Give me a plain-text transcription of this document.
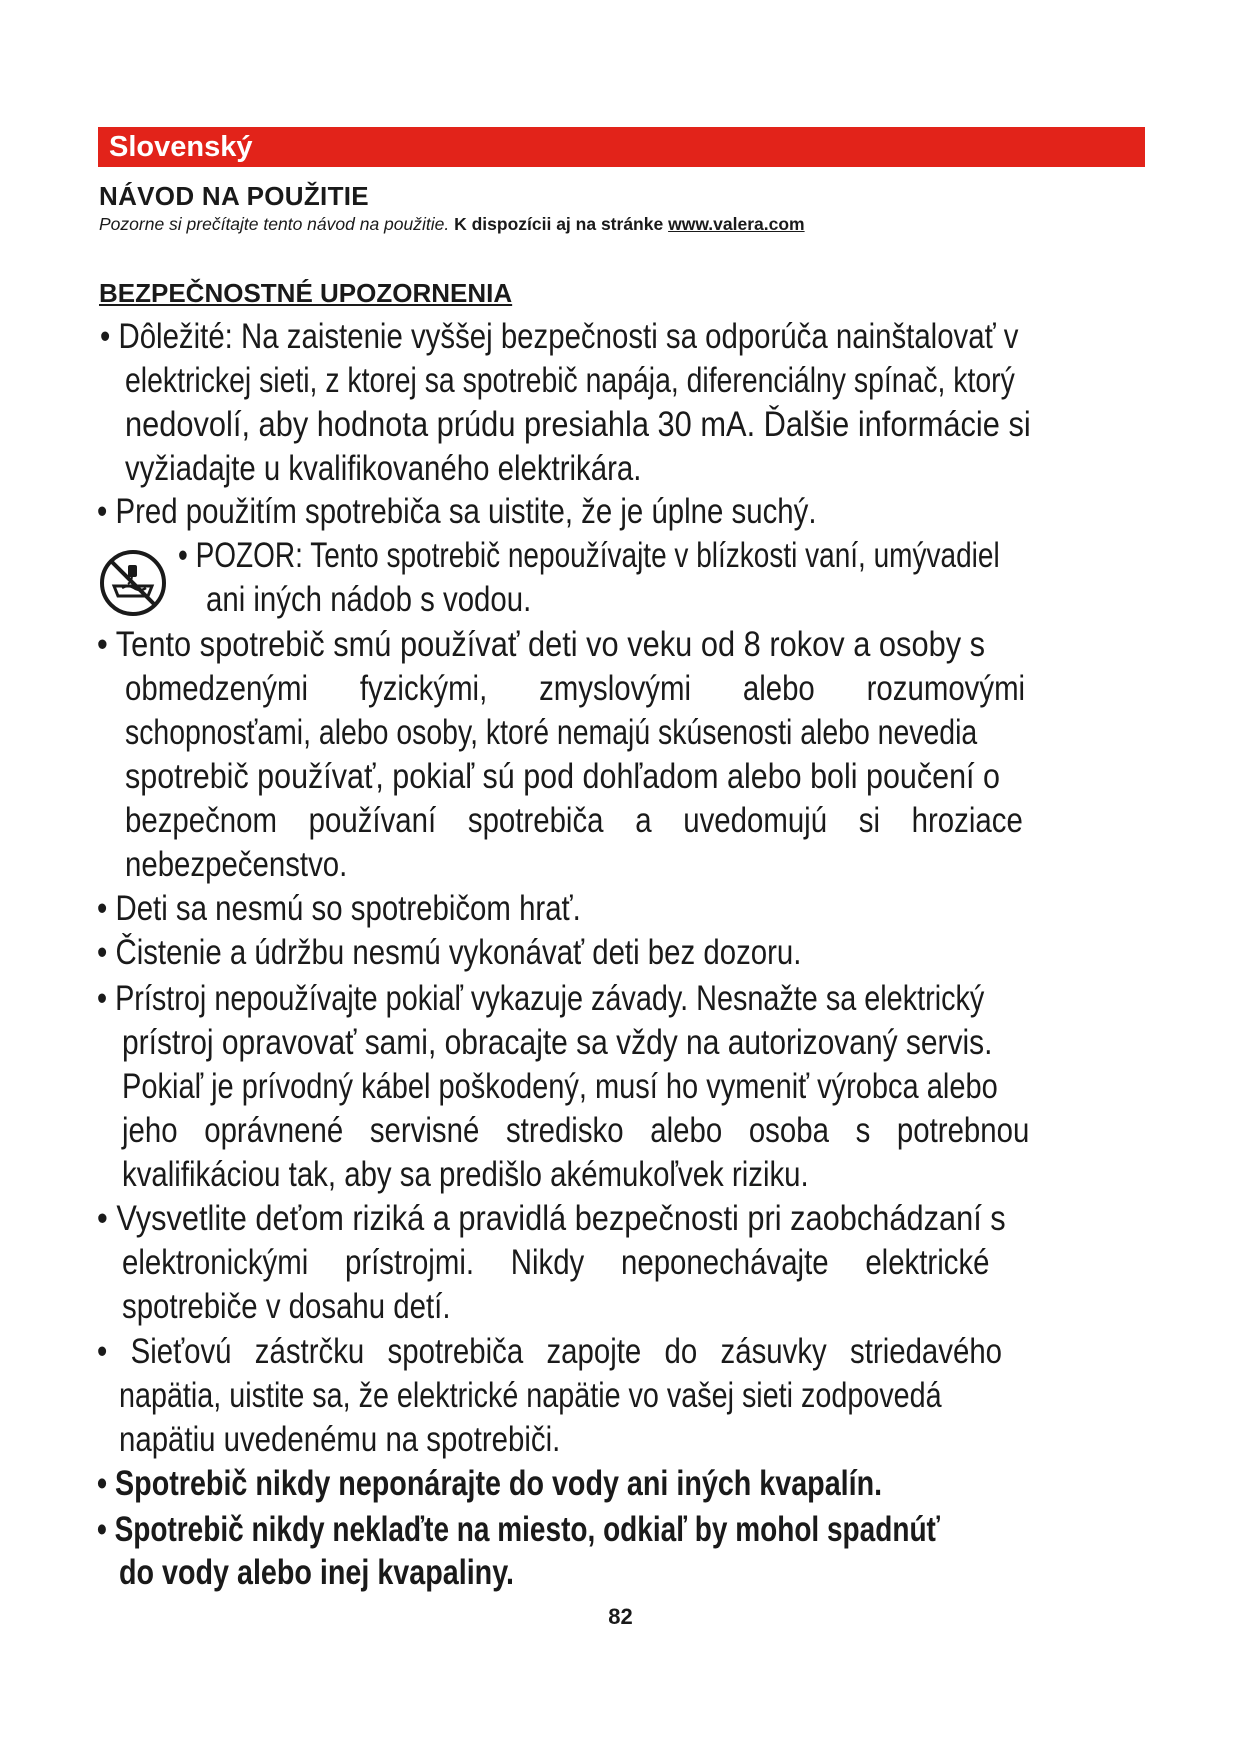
Slovenský
NÁVOD NA POUŽITIE
Pozorne si prečítajte tento návod na použitie. K dispozícii aj na stránke www.valera.com
BEZPEČNOSTNÉ UPOZORNENIA
• Dôležité: Na zaistenie vyššej bezpečnosti sa odporúča nainštalovať v
elektrickej sieti, z ktorej sa spotrebič napája, diferenciálny spínač, ktorý
nedovolí, aby hodnota prúdu presiahla 30 mA. Ďalšie informácie si
vyžiadajte u kvalifikovaného elektrikára.
• Pred použitím spotrebiča sa uistite, že je úplne suchý.
• POZOR: Tento spotrebič nepoužívajte v blízkosti vaní, umývadiel
ani iných nádob s vodou.
• Tento spotrebič smú používať deti vo veku od 8 rokov a osoby s
obmedzenými fyzickými, zmyslovými alebo rozumovými
schopnosťami, alebo osoby, ktoré nemajú skúsenosti alebo nevedia
spotrebič používať, pokiaľ sú pod dohľadom alebo boli poučení o
bezpečnom používaní spotrebiča a uvedomujú si hroziace
nebezpečenstvo.
• Deti sa nesmú so spotrebičom hrať.
• Čistenie a údržbu nesmú vykonávať deti bez dozoru.
• Prístroj nepoužívajte pokiaľ vykazuje závady. Nesnažte sa elektrický
prístroj opravovať sami, obracajte sa vždy na autorizovaný servis.
Pokiaľ je prívodný kábel poškodený, musí ho vymeniť výrobca alebo
jeho oprávnené servisné stredisko alebo osoba s potrebnou
kvalifikáciou tak, aby sa predišlo akémukoľvek riziku.
• Vysvetlite deťom riziká a pravidlá bezpečnosti pri zaobchádzaní s
elektronickými prístrojmi. Nikdy neponechávajte elektrické
spotrebiče v dosahu detí.
• Sieťovú zástrčku spotrebiča zapojte do zásuvky striedavého
napätia, uistite sa, že elektrické napätie vo vašej sieti zodpovedá
napätiu uvedenému na spotrebiči.
• Spotrebič nikdy neponárajte do vody ani iných kvapalín.
• Spotrebič nikdy neklaďte na miesto, odkiaľ by mohol spadnúť
do vody alebo inej kvapaliny.
82
